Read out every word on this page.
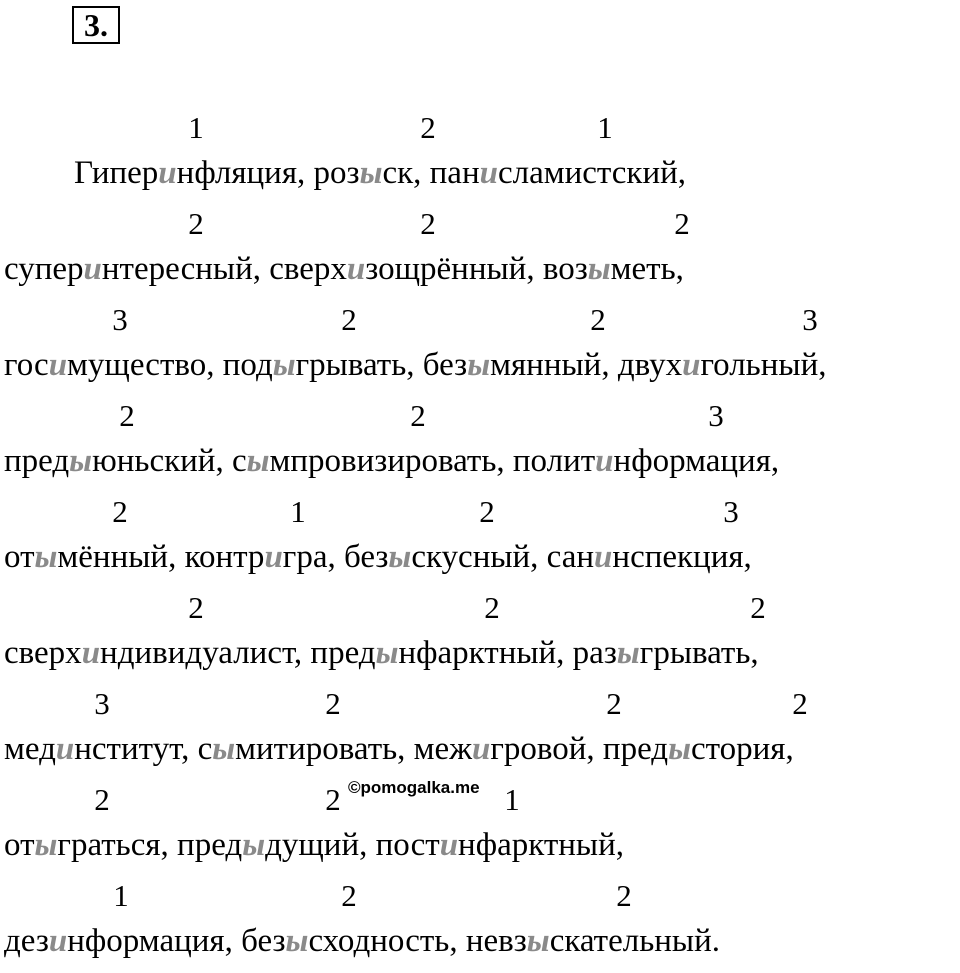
3.
1	2	1
Гиперинфляция, розыск, панисламистский,
2	2	2
суперинтересный, сверхизощрённый, возыметь,
3	2	2	3
госимущество, подыгрывать, безымянный, двухигольный,
2	2	3
предыюньский, сымпровизировать, политинформация,
2	1	2	3
отымённый, контригра, безыскусный, санинспекция,
2	2	2
сверхиндивидуалист, предынфарктный, разыгрывать,
3	2	2	2
мединститут, сымитировать, межигровой, предыстория,
2	2	1
отыграться, предыдущий, постинфарктный,
1	2	2
дезинформация, безысходность, невзыскательный.
©pomogalka.me
